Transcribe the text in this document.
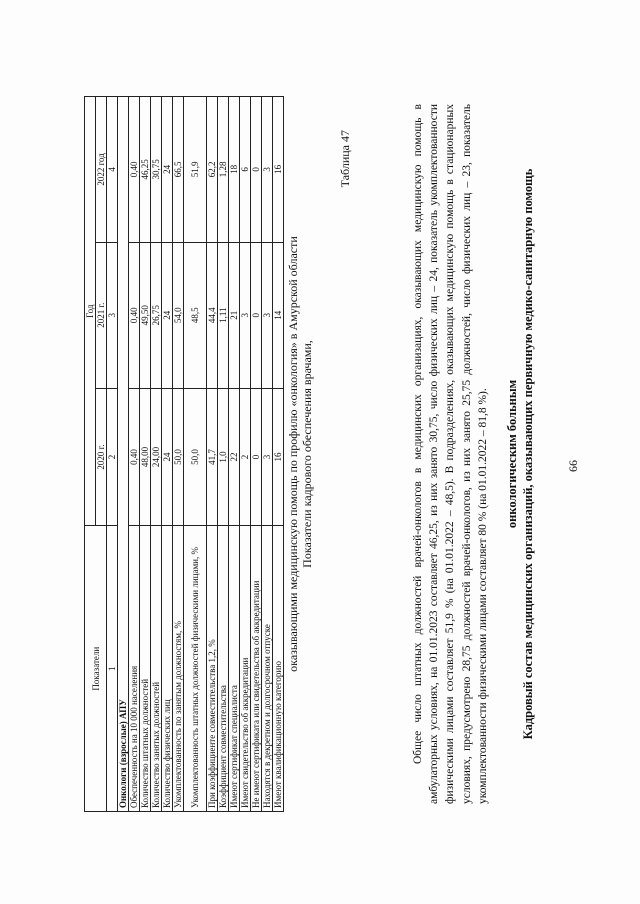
66
Кадровый состав медицинских организаций, оказывающих первичную медико-санитарную помощь
онкологическим больным
Общее число штатных должностей врачей-онкологов в медицинских организациях, оказывающих медицинскую помощь в амбулаторных условиях, на 01.01.2023 составляет 46,25, из них занято 30,75, число физических лиц – 24, показатель укомплектованности физическими лицами составляет 51,9 % (на 01.01.2022 – 48,5). В подразделениях, оказывающих медицинскую помощь в стационарных условиях, предусмотрено 28,75 должностей врачей-онкологов, из них занято 25,75 должностей, число физических лиц – 23, показатель укомплектованности физическими лицами составляет 80 % (на 01.01.2022 – 81,8 %).
Таблица 47
Показатели кадрового обеспечения врачами,
оказывающими медицинскую помощь по профилю «онкология» в Амурской области
Показатели	Год		
	2020 г.	2021 г.	2022 год
1	2	3	4
Онкологи (взрослые) АПУ			
Обеспеченность на 10 000 населения	0,40	0,40	0,40
Количество штатных должностей	48,00	49,50	46,25
Количество занятых должностей	24,00	26,75	30,75
Количество физических лиц	24	24	24
Укомплектованность по занятым должностям, %	50,0	54,0	66,5
Укомплектованность штатных должностей физическими лицами, %	50,0	48,5	51,9
При коэффициенте совместительства 1,2, %	41,7	44,4	62,2
Коэффициент совместительства	1,0	1,11	1,28
Имеют сертификат специалиста	22	21	18
Имеют свидетельство об аккредитации	2	3	6
Не имеют сертификата или свидетельства об аккредитации	0	0	0
Находятся в декретном и долгосрочном отпуске	3	3	3
Имеют квалификационную категорию	16	14	16
